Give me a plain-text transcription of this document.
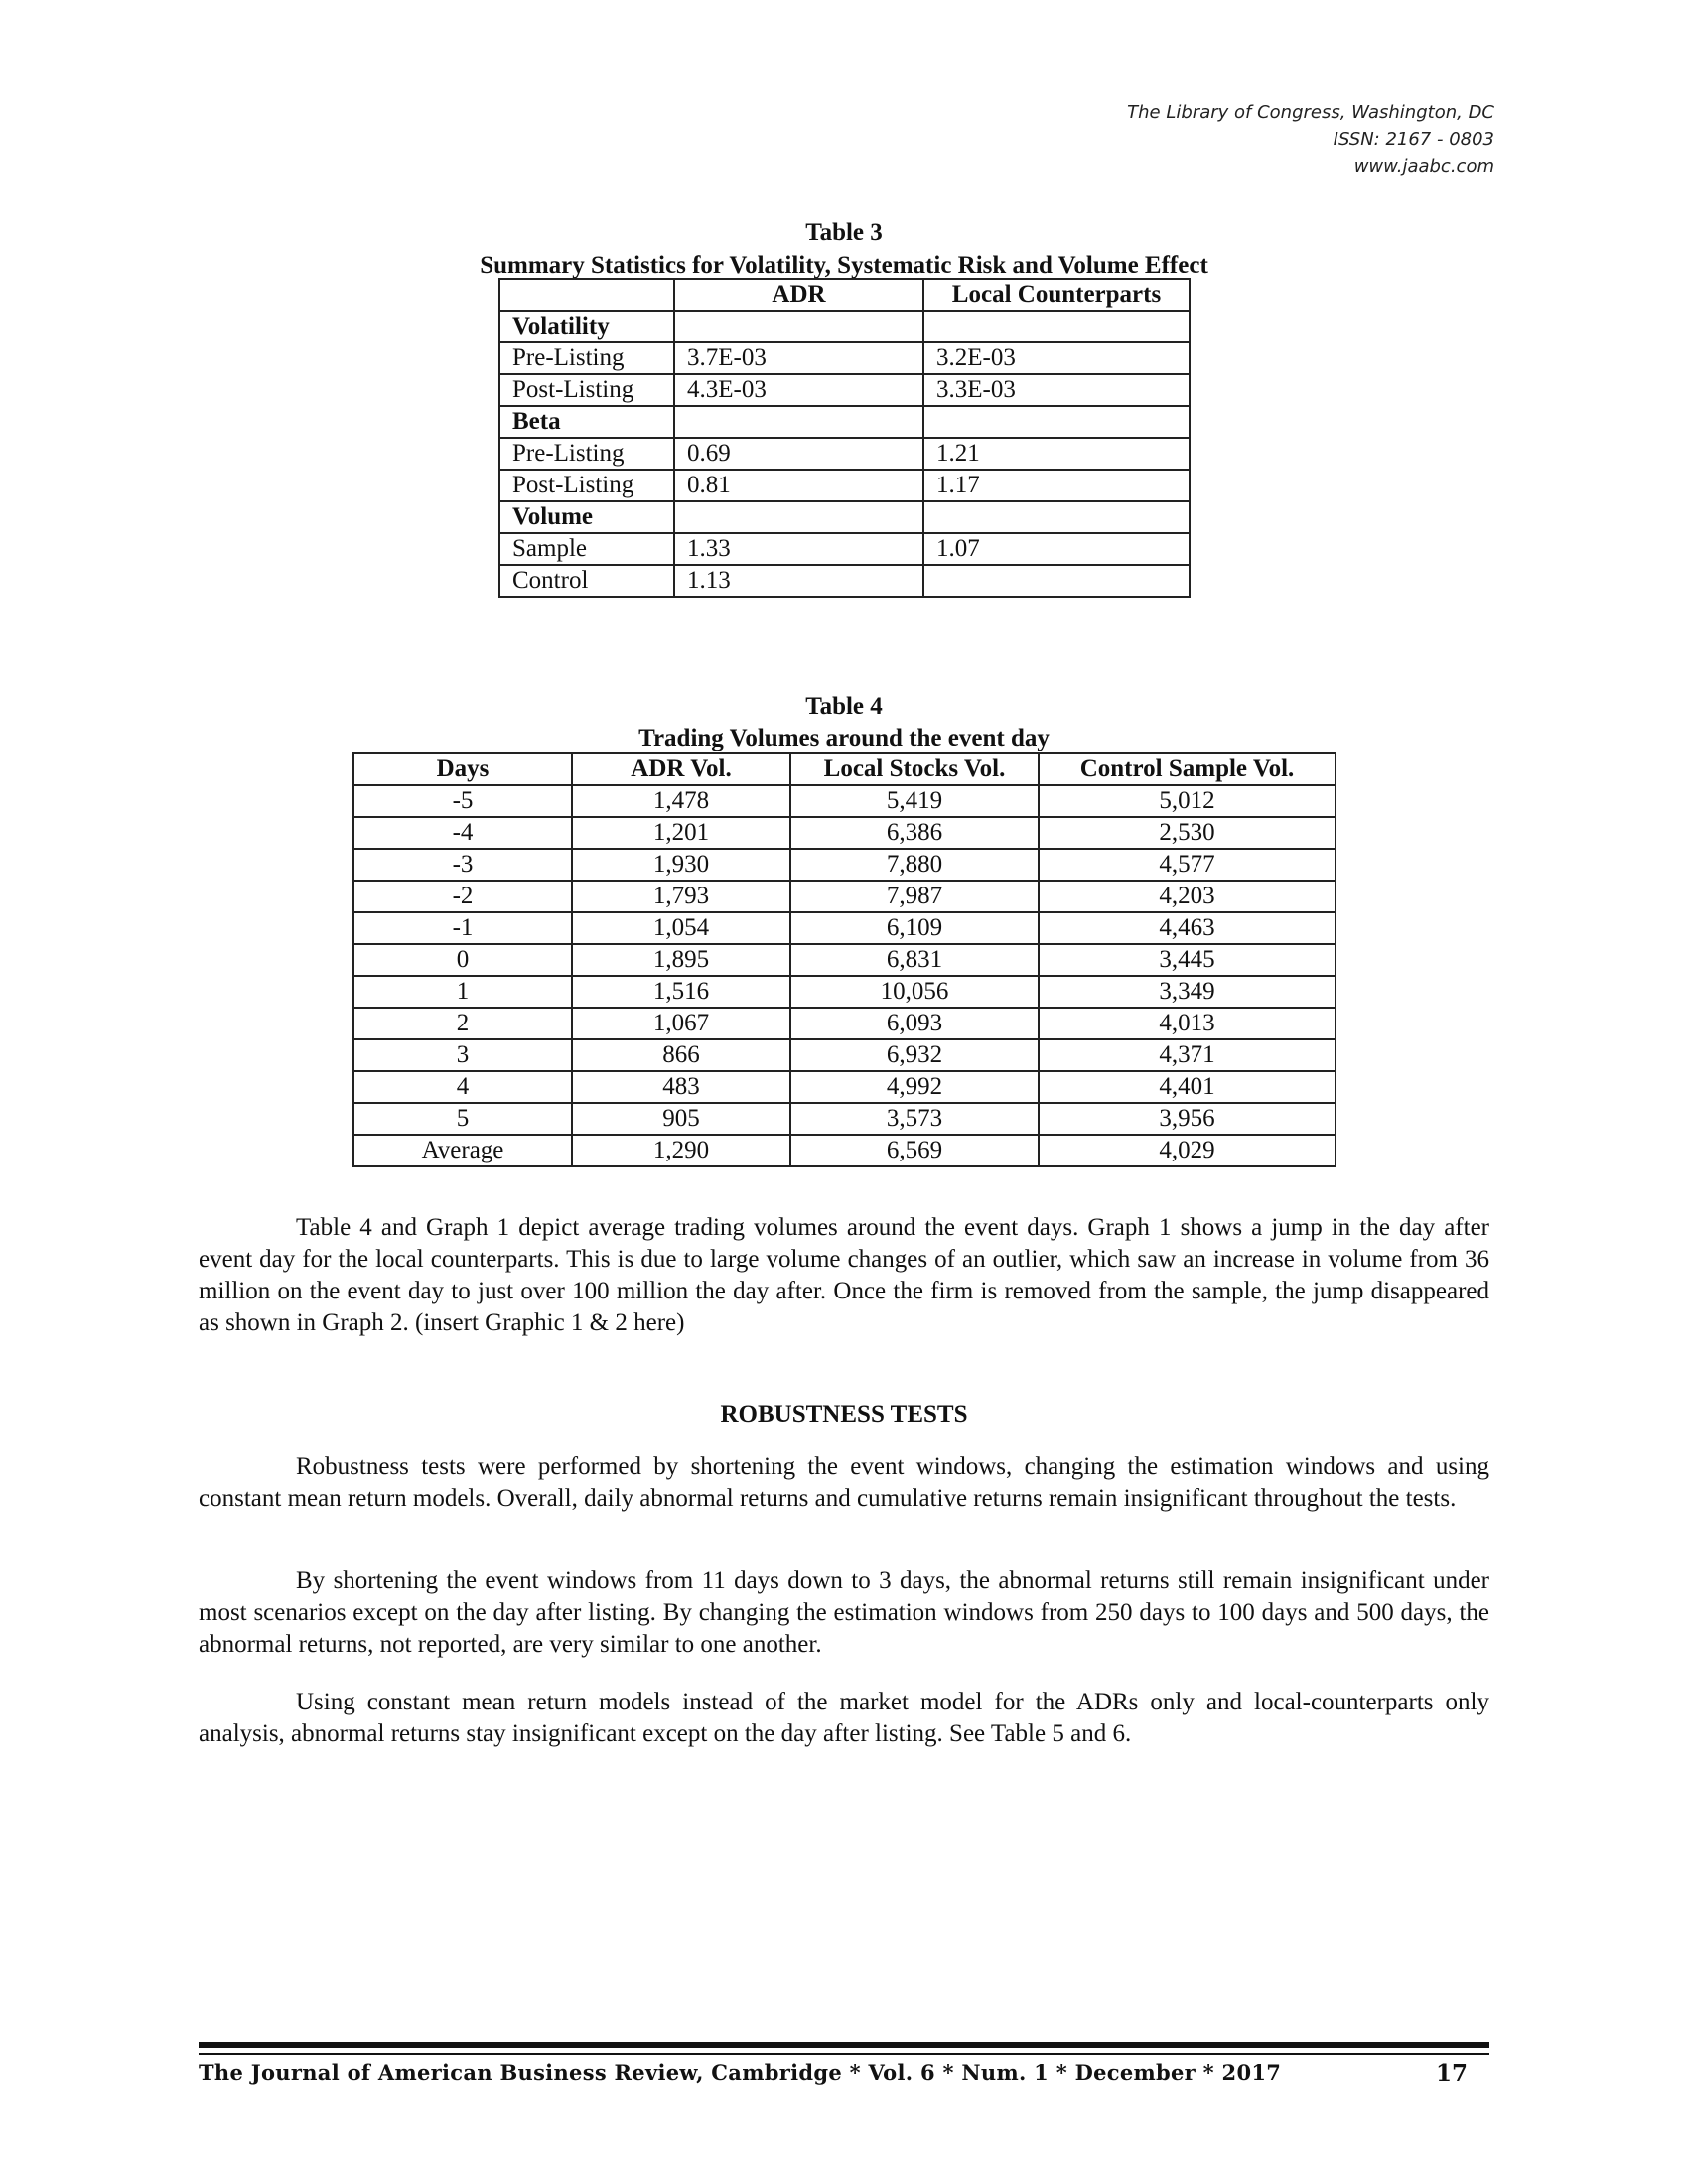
The Library of Congress, Washington, DC
ISSN: 2167 - 0803
www.jaabc.com
Table 3
Summary Statistics for Volatility, Systematic Risk and Volume Effect
	ADR	Local Counterparts
Volatility		
Pre-Listing	3.7E-03	3.2E-03
Post-Listing	4.3E-03	3.3E-03
Beta		
Pre-Listing	0.69	1.21
Post-Listing	0.81	1.17
Volume		
Sample	1.33	1.07
Control	1.13	
Table 4
Trading Volumes around the event day
Days	ADR Vol.	Local Stocks Vol.	Control Sample Vol.
-5	1,478	5,419	5,012
-4	1,201	6,386	2,530
-3	1,930	7,880	4,577
-2	1,793	7,987	4,203
-1	1,054	6,109	4,463
0	1,895	6,831	3,445
1	1,516	10,056	3,349
2	1,067	6,093	4,013
3	866	6,932	4,371
4	483	4,992	4,401
5	905	3,573	3,956
Average	1,290	6,569	4,029

Table 4 and Graph 1 depict average trading volumes around the event days. Graph 1 shows a jump in the day after event day for the local counterparts. This is due to large volume changes of an outlier, which saw an increase in volume from 36 million on the event day to just over 100 million the day after. Once the firm is removed from the sample, the jump disappeared as shown in Graph 2. (insert Graphic 1 & 2 here)

ROBUSTNESS TESTS

Robustness tests were performed by shortening the event windows, changing the estimation windows and using constant mean return models. Overall, daily abnormal returns and cumulative returns remain insignificant throughout the tests.

By shortening the event windows from 11 days down to 3 days, the abnormal returns still remain insignificant under most scenarios except on the day after listing. By changing the estimation windows from 250 days to 100 days and 500 days, the abnormal returns, not reported, are very similar to one another.

Using constant mean return models instead of the market model for the ADRs only and local-counterparts only analysis, abnormal returns stay insignificant except on the day after listing. See Table 5 and 6.

The Journal of American Business Review, Cambridge * Vol. 6 * Num. 1 * December * 2017	17
